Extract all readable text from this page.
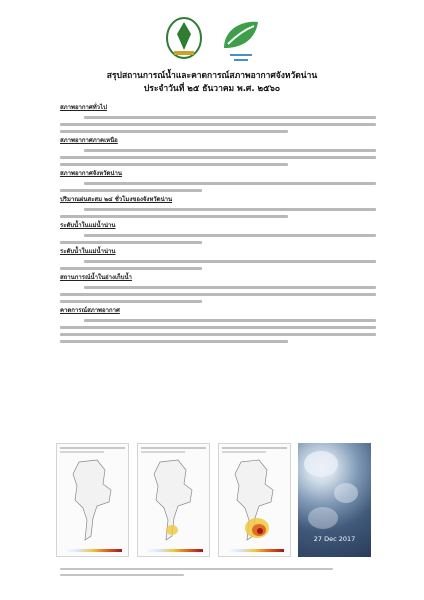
สรุปสถานการณ์น้ำและคาดการณ์สภาพอากาศจังหวัดน่าน
ประจำวันที่ ๒๕ ธันวาคม พ.ศ. ๒๕๖๐
สภาพอากาศทั่วไป
สภาพอากาศภาคเหนือ
สภาพอากาศจังหวัดน่าน
ปริมาณฝนสะสม ๒๔ ชั่วโมงของจังหวัดน่าน
ระดับน้ำในแม่น้ำน่าน
ระดับน้ำในแม่น้ำน่าน
สถานการณ์น้ำในอ่างเก็บน้ำ
คาดการณ์สภาพอากาศ
27 Dec 2017
